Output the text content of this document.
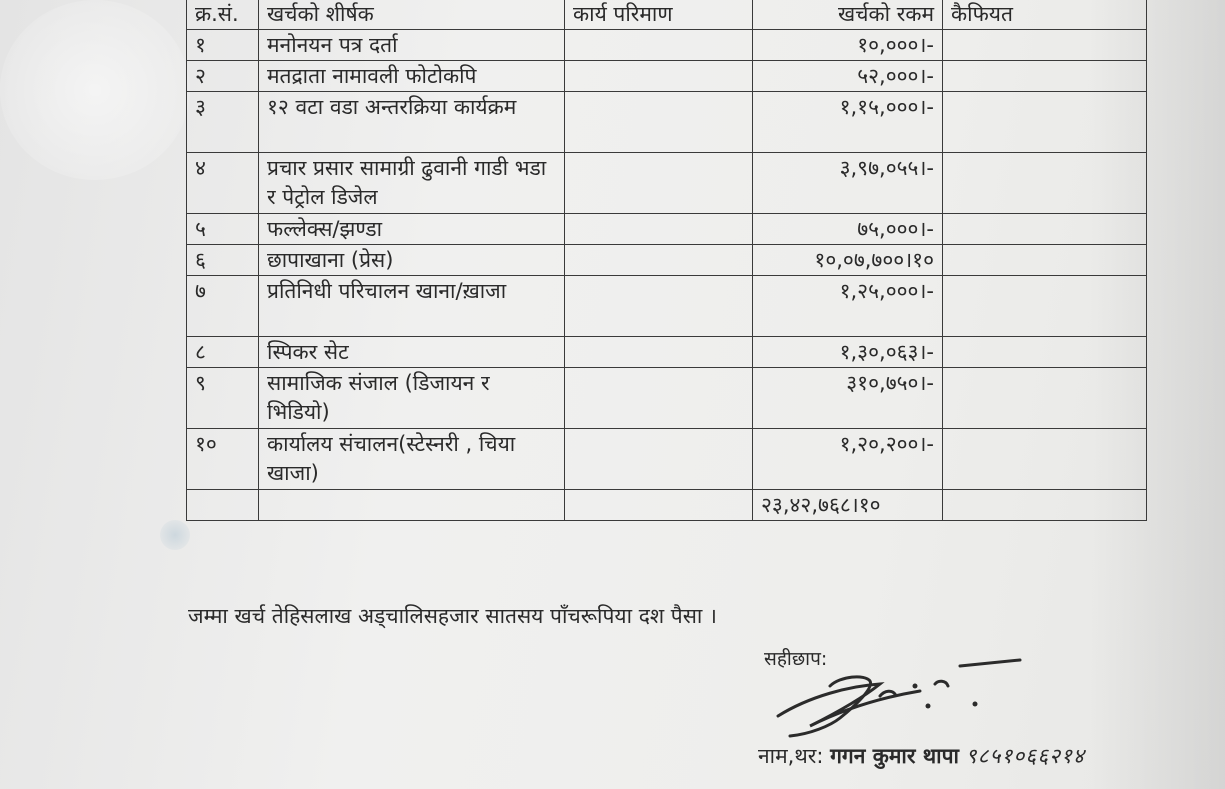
क्र.सं.	खर्चको शीर्षक	कार्य परिमाण	खर्चको रकम	कैफियत
१	मनोनयन पत्र दर्ता		१०,०००।-	
२	मतद्राता नामावली फोटोकपि		५२,०००।-	
३	१२ वटा वडा अन्तरक्रिया कार्यक्रम		१,१५,०००।-	
४	प्रचार प्रसार सामाग्री ढुवानी गाडी भडा र पेट्रोल डिजेल		३,९७,०५५।-	
५	फल्लेक्स/झण्डा		७५,०००।-	
६	छापाखाना (प्रेस)		१०,०७,७००।१०	
७	प्रतिनिधी परिचालन खाना/ख़ाजा		१,२५,०००।-	
८	स्पिकर सेट		१,३०,०६३।-	
९	सामाजिक संजाल (डिजायन र भिडियो)		३१०,७५०।-	
१०	कार्यालय संचालन(स्टेस्नरी , चिया खाजा)		१,२०,२००।-	
			२३,४२,७६८।१०	
जम्मा खर्च तेहिसलाख अड्चालिसहजार सातसय पाँचरूपिया दश पैसा ।
सहीछाप:
नाम,थर: गगन कुमार थापा ९८५१०६६२१४
